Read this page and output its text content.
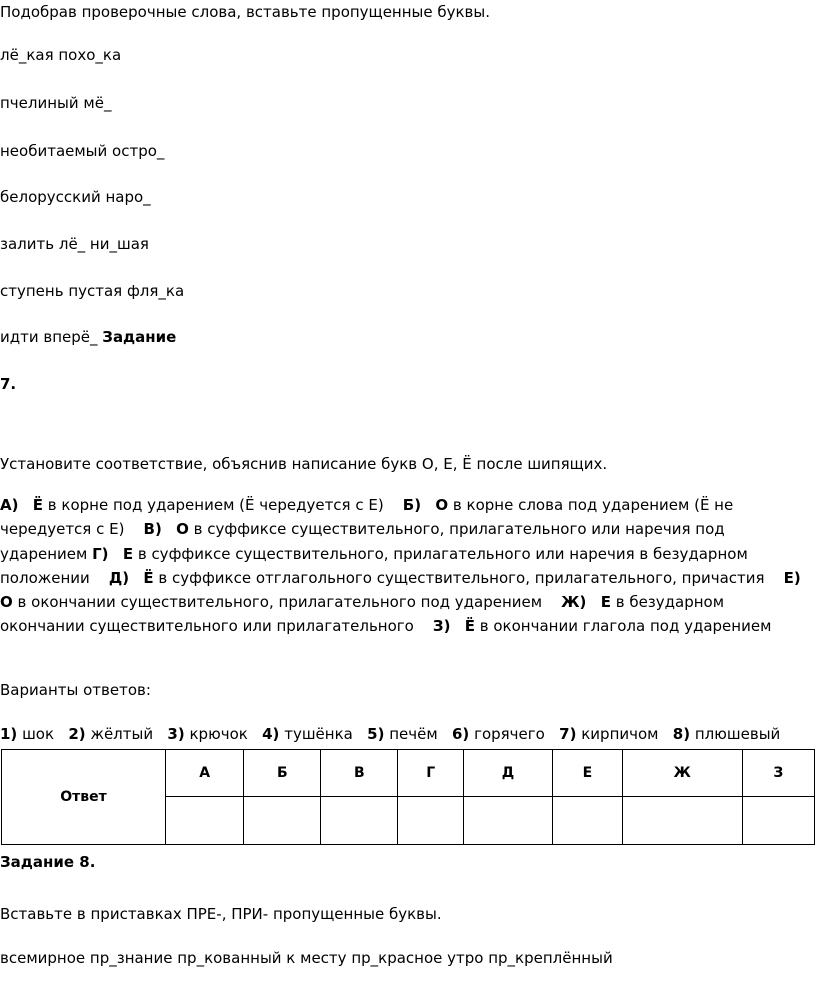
Подобрав проверочные слова, вставьте пропущенные буквы.
лё_кая похо_ка
пчелиный мё_
необитаемый остро_
белорусский наро_
залить лё_ ни_шая
ступень пустая фля_ка
идти вперё_ Задание
7.
Установите соответствие, объяснив написание букв О, Е, Ё после шипящих.
А) Ё в корне под ударением (Ё чередуется с Е) Б) О в корне слова под ударением (Ё не чередуется с Е) В) О в суффиксе существительного, прилагательного или наречия под ударением Г) Е в суффиксе существительного, прилагательного или наречия в безударном положении Д) Ё в суффиксе отглагольного существительного, прилагательного, причастия Е)   О в окончании существительного, прилагательного под ударением Ж) Е в безударном окончании существительного или прилагательного З) Ё в окончании глагола под ударением
Варианты ответов:
1) шок 2) жёлтый 3) крючок 4) тушёнка 5) печём 6) горячего 7) кирпичом 8) плюшевый
Ответ	А	Б	В	Г	Д	Е	Ж	З

Задание 8.
Вставьте в приставках ПРЕ-, ПРИ- пропущенные буквы.
всемирное пр_знание пр_кованный к месту пр_красное утро пр_креплённый
